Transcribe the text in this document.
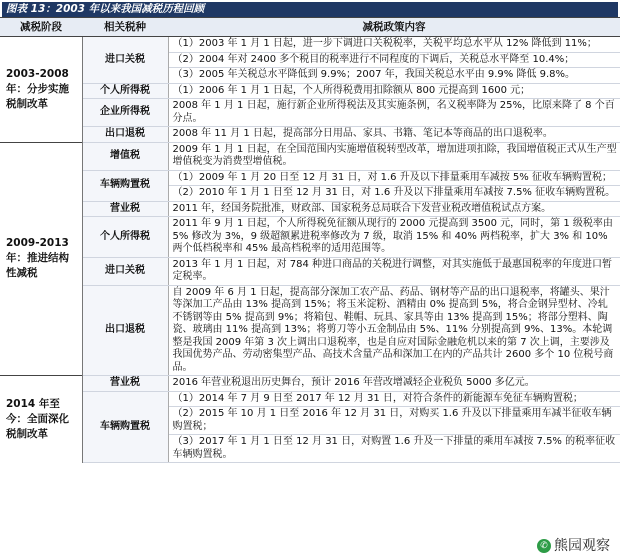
图表 13：2003 年以来我国减税历程回顾
减税阶段	相关税种	减税政策内容
2003-2008 年：分步实施税制改革	进口关税	（1）2003 年 1 月 1 日起，进一步下调进口关税税率，关税平均总水平从 12% 降低到 11%；
		（2）2004 年对 2400 多个税目的税率进行不同程度的下调后，关税总水平降至 10.4%；
		（3）2005 年关税总水平降低到 9.9%；2007 年，我国关税总水平由 9.9% 降低 9.8%。
	个人所得税	（1）2006 年 1 月 1 日起，个人所得税费用扣除额从 800 元提高到 1600 元；
	企业所得税	2008 年 1 月 1 日起，施行新企业所得税法及其实施条例，名义税率降为 25%，比原来降了 8 个百分点。
	出口退税	2008 年 11 月 1 日起，提高部分日用品、家具、书籍、笔记本等商品的出口退税率。
2009-2013 年：推进结构性减税	增值税	2009 年 1 月 1 日起，在全国范围内实施增值税转型改革，增加进项扣除，我国增值税正式从生产型增值税变为消费型增值税。
	车辆购置税	（1）2009 年 1 月 20 日至 12 月 31 日，对 1.6 升及以下排量乘用车减按 5% 征收车辆购置税；
		（2）2010 年 1 月 1 日至 12 月 31 日，对 1.6 升及以下排量乘用车减按 7.5% 征收车辆购置税。
	营业税	2011 年，经国务院批准，财政部、国家税务总局联合下发营业税改增值税试点方案。
	个人所得税	2011 年 9 月 1 日起，个人所得税免征额从现行的 2000 元提高到 3500 元，同时，第 1 级税率由 5% 修改为 3%，9 级超额累进税率修改为 7 级，取消 15% 和 40% 两档税率，扩大 3% 和 10% 两个低档税率和 45% 最高档税率的适用范围等。
	进口关税	2013 年 1 月 1 日起，对 784 种进口商品的关税进行调整，对其实施低于最惠国税率的年度进口暂定税率。
	出口退税	自 2009 年 6 月 1 日起，提高部分深加工农产品、药品、钢材等产品的出口退税率，将罐头、果汁等深加工产品由 13% 提高到 15%；将玉米淀粉、酒精由 0% 提高到 5%，将合金钢异型材、冷轧不锈钢等由 5% 提高到 9%；将箱包、鞋帽、玩具、家具等由 13% 提高到 15%；将部分塑料、陶瓷、玻璃由 11% 提高到 13%；将剪刀等小五金制品由 5%、11% 分别提高到 9%、13%。本轮调整是我国 2009 年第 3 次上调出口退税率，也是自应对国际金融危机以来的第 7 次上调，主要涉及我国优势产品、劳动密集型产品、高技术含量产品和深加工在内的产品共计 2600 多个 10 位税号商品。
2014 年至今：全面深化税制改革	营业税	2016 年营业税退出历史舞台，预计 2016 年营改增减轻企业税负 5000 多亿元。
	车辆购置税	（1）2014 年 7 月 9 日至 2017 年 12 月 31 日，对符合条件的新能源车免征车辆购置税；
		（2）2015 年 10 月 1 日至 2016 年 12 月 31 日，对购买 1.6 升及以下排量乘用车减半征收车辆购置税；
		（3）2017 年 1 月 1 日至 12 月 31 日，对购置 1.6 升及一下排量的乘用车减按 7.5% 的税率征收车辆购置税。
✆ 熊园观察
